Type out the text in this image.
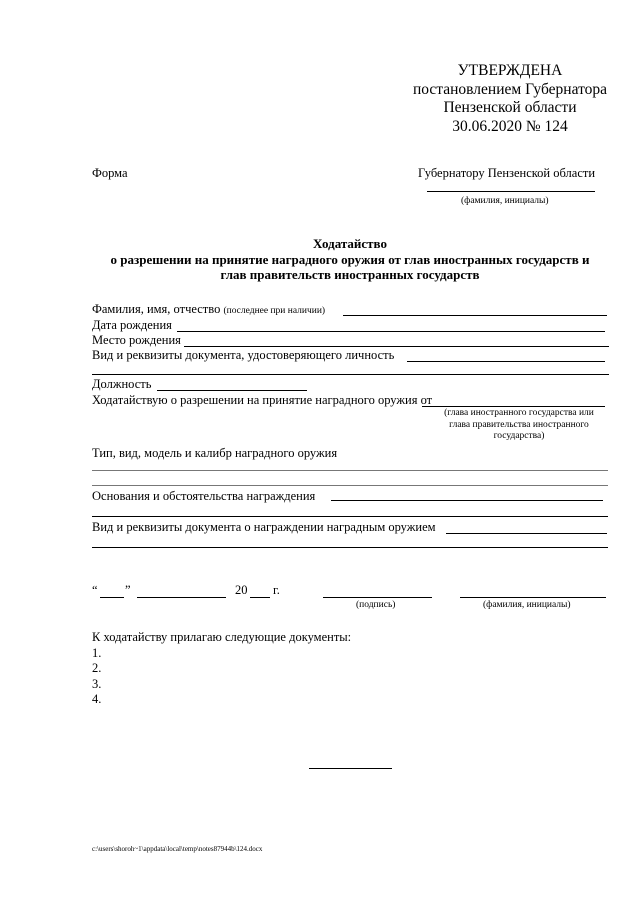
УТВЕРЖДЕНА
постановлением Губернатора
Пензенской области
30.06.2020 № 124
Форма	Губернатору Пензенской области
(фамилия, инициалы)
Ходатайство
о разрешении на принятие наградного оружия от глав иностранных государств и
глав правительств иностранных государств
Фамилия, имя, отчество (последнее при наличии)
Дата рождения
Место рождения
Вид и реквизиты документа, удостоверяющего личность
Должность
Ходатайствую о разрешении на принятие наградного оружия от
(глава иностранного государства или
глава правительства иностранного
государства)
Тип, вид, модель и калибр наградного оружия
Основания и обстоятельства награждения
Вид и реквизиты документа о награждении наградным оружием
“ ”	20 г.
(подпись)	(фамилия, инициалы)
К ходатайству прилагаю следующие документы:
1.
2.
3.
4.
c:\users\shoroh~1\appdata\local\temp\notes87944b\124.docx
